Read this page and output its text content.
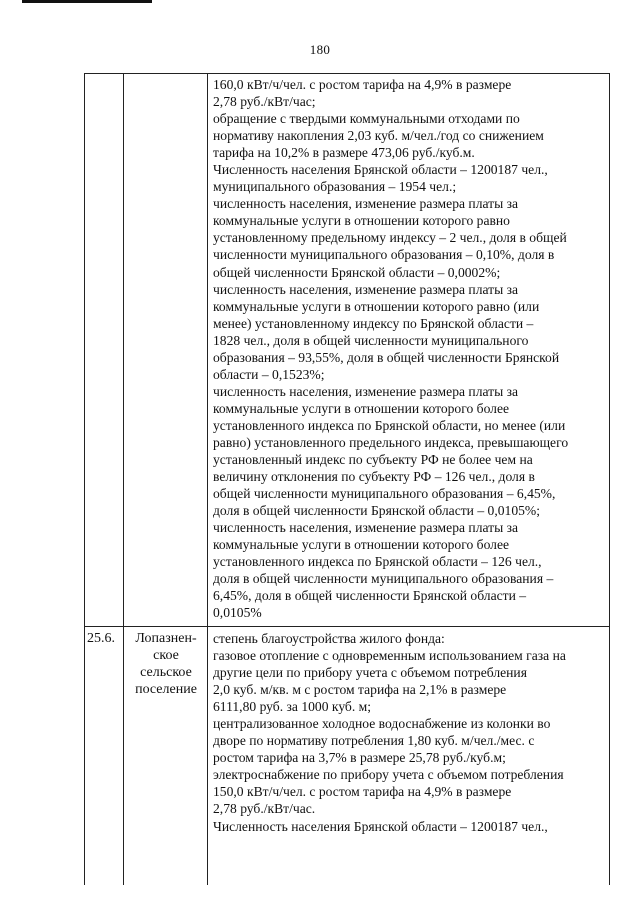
180
160,0 кВт/ч/чел. с ростом тарифа на 4,9% в размере
2,78 руб./кВт/час;
обращение с твердыми коммунальными отходами по
нормативу накопления 2,03 куб. м/чел./год со снижением
тарифа на 10,2% в размере 473,06 руб./куб.м.
Численность населения Брянской области – 1200187 чел.,
муниципального образования – 1954 чел.;
численность населения, изменение размера платы за
коммунальные услуги в отношении которого равно
установленному предельному индексу – 2 чел., доля в общей
численности муниципального образования – 0,10%, доля в
общей численности Брянской области – 0,0002%;
численность населения, изменение размера платы за
коммунальные услуги в отношении которого равно (или
менее) установленному индексу по Брянской области –
1828 чел., доля в общей численности муниципального
образования – 93,55%, доля в общей численности Брянской
области – 0,1523%;
численность населения, изменение размера платы за
коммунальные услуги в отношении которого более
установленного индекса по Брянской области, но менее (или
равно) установленного предельного индекса, превышающего
установленный индекс по субъекту РФ не более чем на
величину отклонения по субъекту РФ – 126 чел., доля в
общей численности муниципального образования – 6,45%,
доля в общей численности Брянской области – 0,0105%;
численность населения, изменение размера платы за
коммунальные услуги в отношении которого более
установленного индекса по Брянской области – 126 чел.,
доля в общей численности муниципального образования –
6,45%, доля в общей численности Брянской области –
0,0105%
25.6.	Лопазнен-
ское
сельское
поселение
степень благоустройства жилого фонда:
газовое отопление с одновременным использованием газа на
другие цели по прибору учета с объемом потребления
2,0 куб. м/кв. м с ростом тарифа на 2,1% в размере
6111,80 руб. за 1000 куб. м;
централизованное холодное водоснабжение из колонки во
дворе по нормативу потребления 1,80 куб. м/чел./мес. с
ростом тарифа на 3,7% в размере 25,78 руб./куб.м;
электроснабжение по прибору учета с объемом потребления
150,0 кВт/ч/чел. с ростом тарифа на 4,9% в размере
2,78 руб./кВт/час.
Численность населения Брянской области – 1200187 чел.,
